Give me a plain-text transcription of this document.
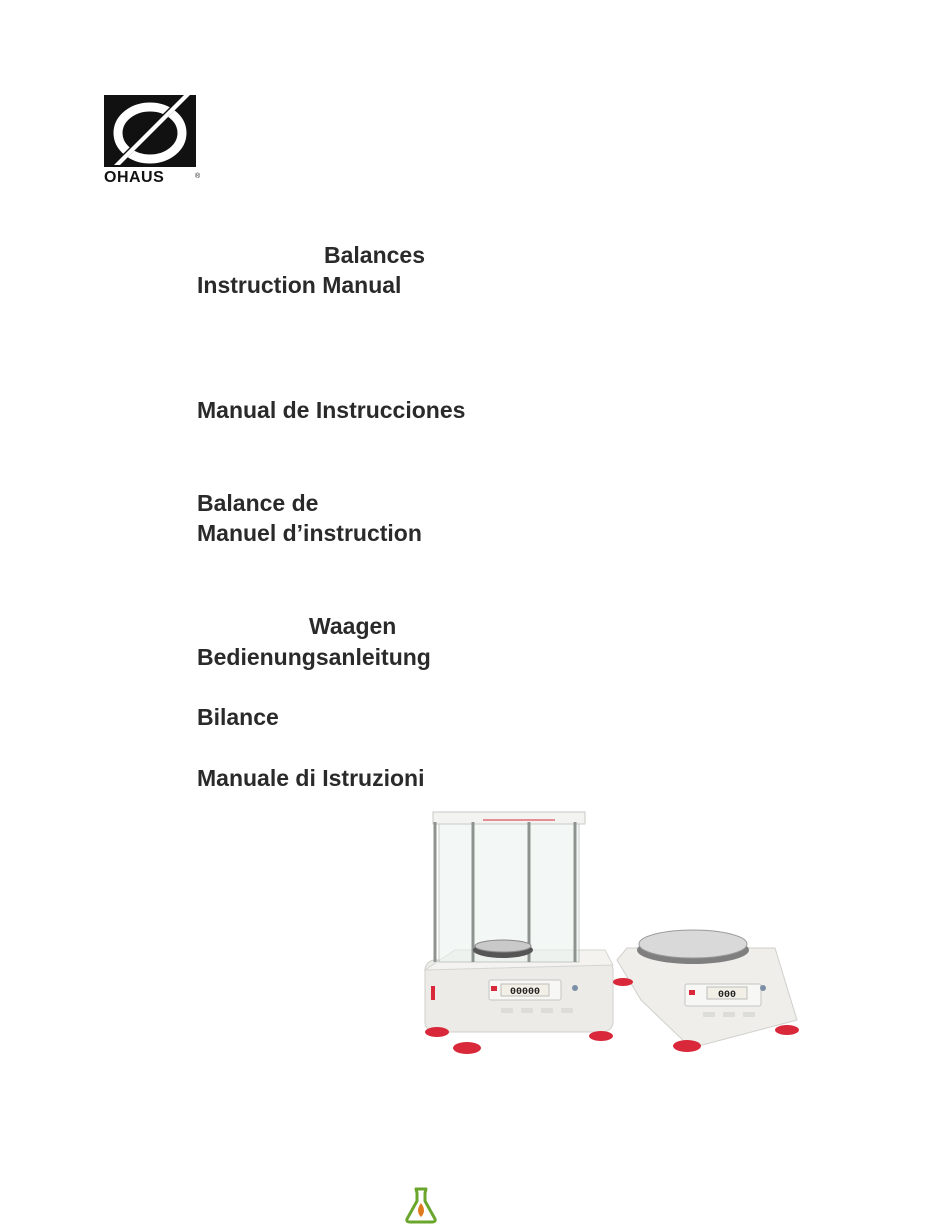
OHAUS	®
Balances
Instruction Manual
Manual de Instrucciones
Balance de
Manuel d’instruction
Waagen
Bedienungsanleitung
Bilance
Manuale di Istruzioni
00000	000
